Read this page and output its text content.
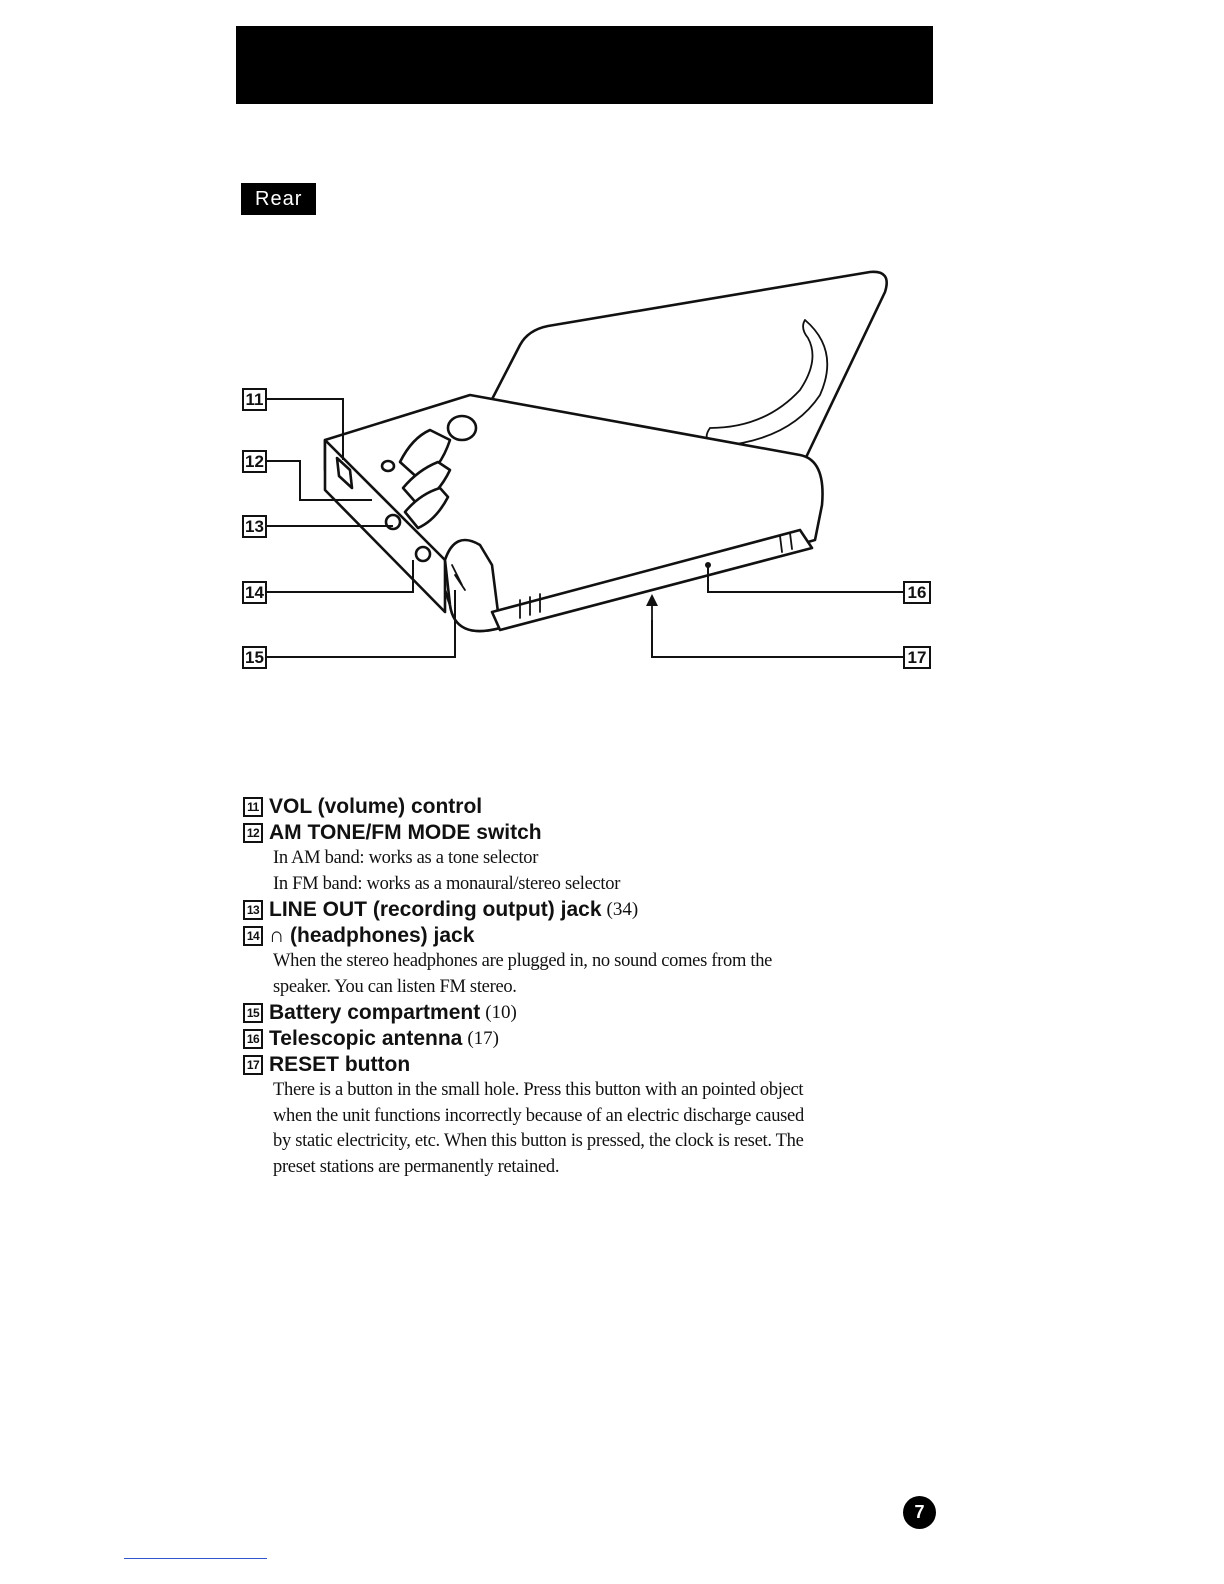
Rear
11
12
13
14
15
16
17
11 VOL (volume) control
12 AM TONE/FM MODE switch

In AM band: works as a tone selector

In FM band: works as a monaural/stereo selector

13 LINE OUT (recording output) jack (34)
14 ∩ (headphones) jack

When the stereo headphones are plugged in, no sound comes from the

speaker. You can listen FM stereo.

15 Battery compartment (10)
16 Telescopic antenna (17)
17 RESET button

There is a button in the small hole. Press this button with an pointed object

when the unit functions incorrectly because of an electric discharge caused

by static electricity, etc. When this button is pressed, the clock is reset. The

preset stations are permanently retained.

7
